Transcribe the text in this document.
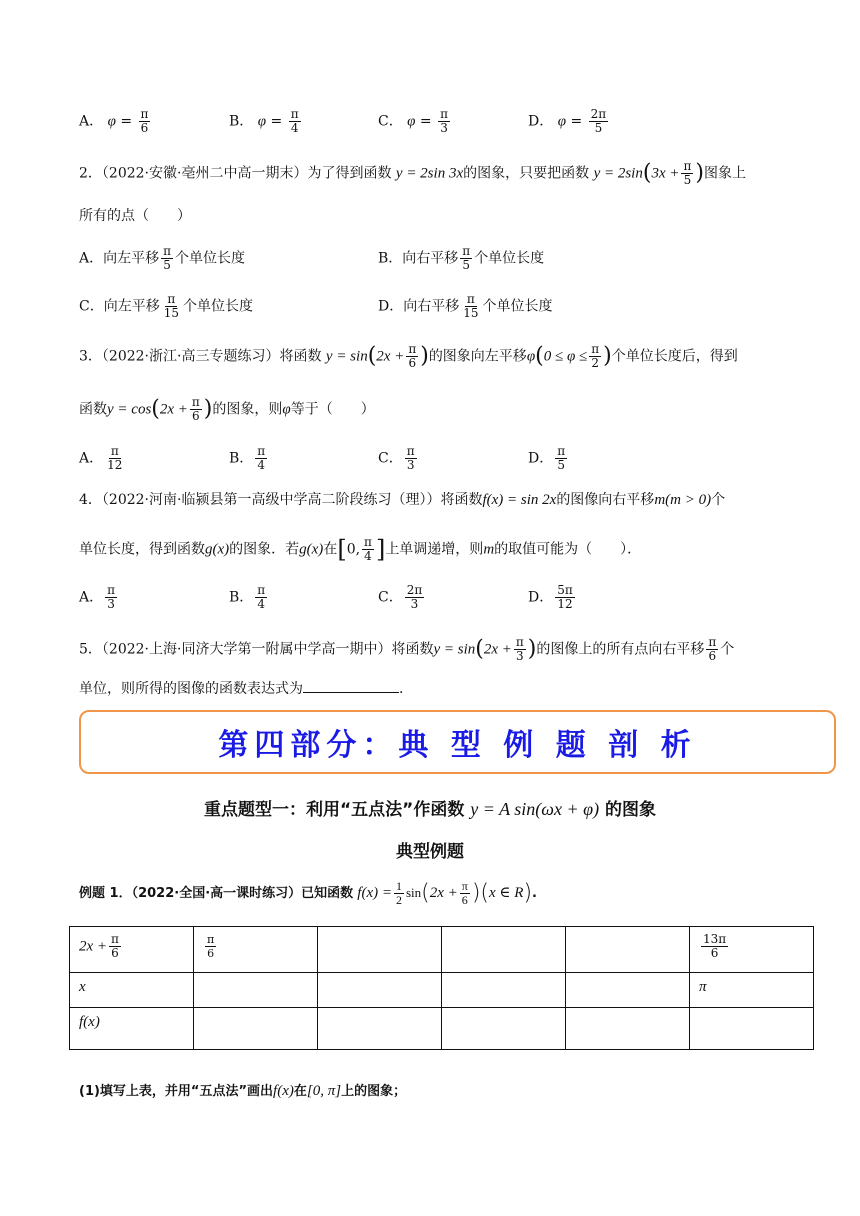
A． $\varphi = \frac{\pi}{6}$	B． $\varphi = \frac{\pi}{4}$	C． $\varphi = \frac{\pi}{3}$	D． $\varphi = \frac{2\pi}{5}$
2．（2022·安徽·亳州二中高一期末）为了得到函数 y = 2sin 3x的图象，只要把函数 $y = 2\sin(3x + \frac{\pi}{5}$ )图象上
所有的点（　　）
A．向左平移 $\frac{\pi}{5}$ 个单位长度	B．向右平移 $\frac{\pi}{5}$ 个单位长度
C．向左平移 $\frac{\pi}{15}$ 个单位长度	D．向右平移 $\frac{\pi}{15}$ 个单位长度
3．（2022·浙江·高三专题练习）将函数 $y = \sin(2x + \frac{\pi}{6}$ )的图象向左平移$\varphi(0 \le \varphi \le \frac{\pi}{2}$ )个单位长度后，得到
函数$y = \cos(2x + \frac{\pi}{6}$ )的图象，则φ等于（　　）
A． $\frac{\pi}{12}$	B． $\frac{\pi}{4}$	C． $\frac{\pi}{3}$	D． $\frac{\pi}{5}$
4．（2022·河南·临颍县第一高级中学高二阶段练习（理））将函数f(x) = sin 2x的图像向右平移m(m > 0)个
单位长度，得到函数g(x)的图象．若g(x)在[0, $\frac{\pi}{4}$ ]上单调递增，则m的取值可能为（　　）．
A． $\frac{\pi}{3}$	B． $\frac{\pi}{4}$	C． $\frac{2\pi}{3}$	D． $\frac{5\pi}{12}$
5．（2022·上海·同济大学第一附属中学高一期中）将函数$y = \sin(2x + \frac{\pi}{3}$ )的图像上的所有点向右平移 $\frac{\pi}{6}$ 个
单位，则所得的图像的函数表达式为	.
第四部分：典 型 例 题 剖 析
重点题型一：利用“五点法”作函数 y = A sin(ωx + φ) 的图象
典型例题
例题 1．（2022·全国·高一课时练习）已知函数 $f(x) = \frac{1}{2} \sin(2x + \frac{\pi}{6} )(x$ ∈ R).
$2x + \frac{\pi}{6}$	$\frac{\pi}{6}$				$\frac{13\pi}{6}$

x					π
f(x)					
(1)填写上表，并用“五点法”画出f(x)在[0, π]上的图象；
